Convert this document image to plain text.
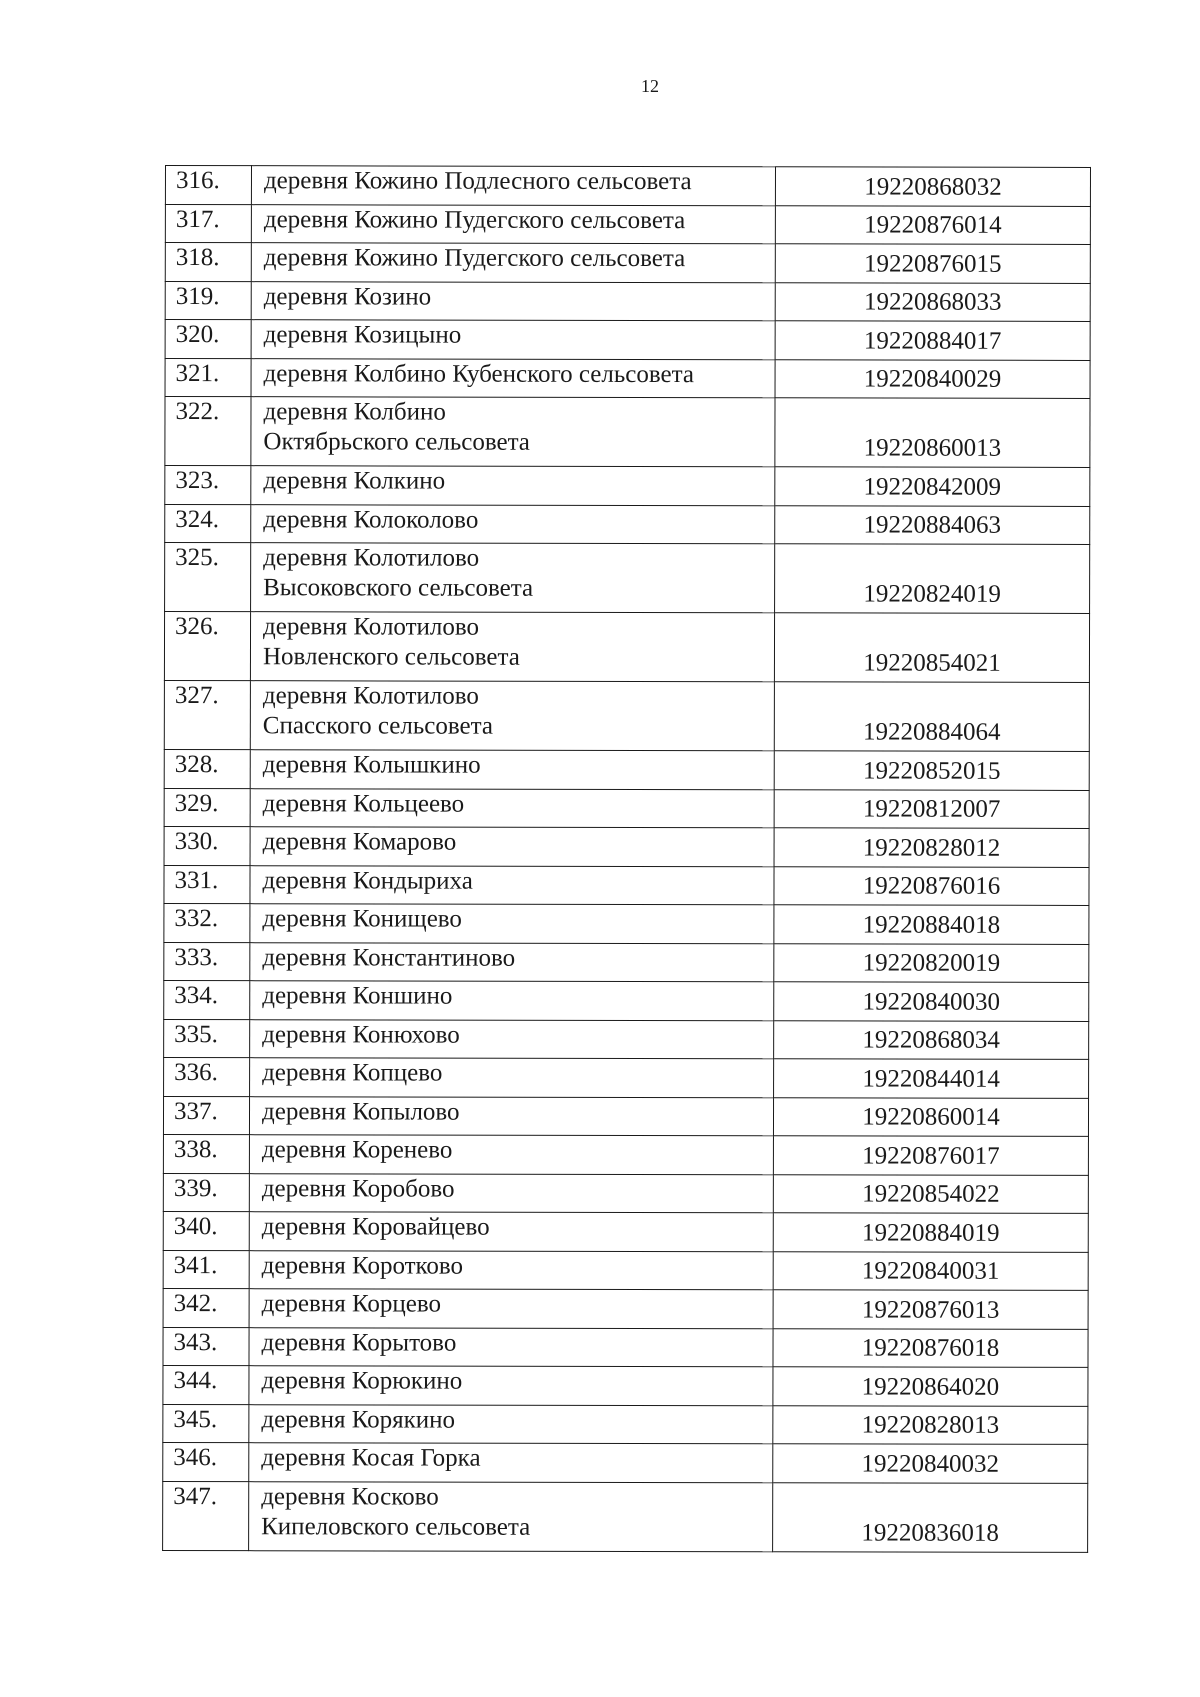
12
316.	деревня Кожино Подлесного сельсовета	19220868032
317.	деревня Кожино Пудегского сельсовета	19220876014
318.	деревня Кожино Пудегского сельсовета	19220876015
319.	деревня Козино	19220868033
320.	деревня Козицыно	19220884017
321.	деревня Колбино Кубенского сельсовета	19220840029
322.	деревня Колбино
Октябрьского сельсовета	19220860013
323.	деревня Колкино	19220842009
324.	деревня Колоколово	19220884063
325.	деревня Колотилово
Высоковского сельсовета	19220824019
326.	деревня Колотилово
Новленского сельсовета	19220854021
327.	деревня Колотилово
Спасского сельсовета	19220884064
328.	деревня Колышкино	19220852015
329.	деревня Кольцеево	19220812007
330.	деревня Комарово	19220828012
331.	деревня Кондыриха	19220876016
332.	деревня Конищево	19220884018
333.	деревня Константиново	19220820019
334.	деревня Коншино	19220840030
335.	деревня Конюхово	19220868034
336.	деревня Копцево	19220844014
337.	деревня Копылово	19220860014
338.	деревня Коренево	19220876017
339.	деревня Коробово	19220854022
340.	деревня Коровайцево	19220884019
341.	деревня Коротково	19220840031
342.	деревня Корцево	19220876013
343.	деревня Корытово	19220876018
344.	деревня Корюкино	19220864020
345.	деревня Корякино	19220828013
346.	деревня Косая Горка	19220840032
347.	деревня Косково
Кипеловского сельсовета	19220836018
